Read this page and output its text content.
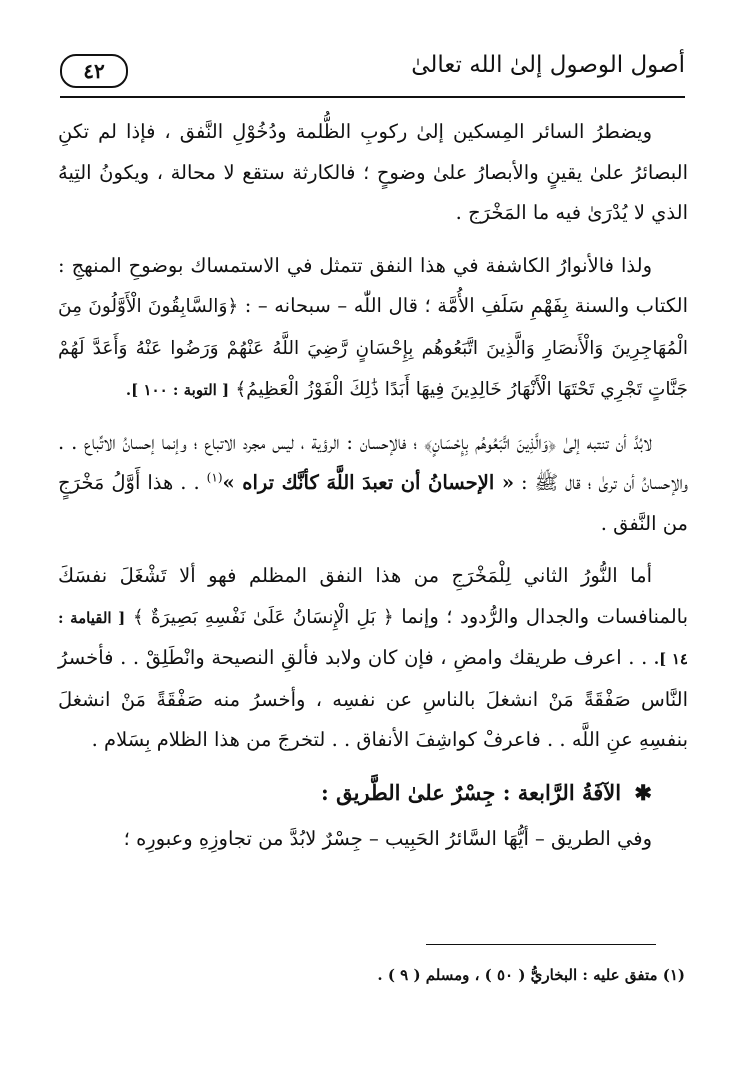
٤٢	أصول الوصول إلىٰ الله تعالىٰ

ويضطرُ السائر المِسكين إلىٰ ركوبِ الظُّلمة ودُخُوْلِ النَّفق ، فإذا لم تكنِ البصائرُ علىٰ يقينٍ والأبصارُ علىٰ وضوحٍ ؛ فالكارثة ستقع لا محالة ، ويكونُ التِيهُ الذي لا يُدْرَىٰ فيه ما المَخْرَج .

ولذا فالأنوارُ الكاشفة في هذا النفق تتمثل في الاستمساك بوضوحِ المنهجِ : الكتاب والسنة بِفَهْمِ سَلَفِ الأُمَّة ؛ قال اللّٰه – سبحانه – : ﴿وَالسَّابِقُونَ الْأَوَّلُونَ مِنَ الْمُهَاجِرِينَ وَالْأَنصَارِ وَالَّذِينَ اتَّبَعُوهُم بِإِحْسَانٍ رَّضِيَ اللَّهُ عَنْهُمْ وَرَضُوا عَنْهُ وَأَعَدَّ لَهُمْ جَنَّاتٍ تَجْرِي تَحْتَهَا الْأَنْهَارُ خَالِدِينَ فِيهَا أَبَدًا ذَٰلِكَ الْفَوْزُ الْعَظِيمُ﴾ [ التوبة : ١٠٠ ].

لابُدَّ أن تنتبه إلىٰ ﴿وَالَّذِينَ اتَّبَعُوهُم بِإِحْسَانٍ﴾ ؛ فالإحسان : الرؤية ، ليس مجرد الاتباع ؛ وإنما إحسانُ الاتِّباع . . والإحسانُ أن ترىٰ ؛ قال ﷺ : « الإحسانُ أن تعبدَ اللَّهَ كأنَّك تراه »$^{(١)}$ . . هذا أَوَّلُ مَخْرَجٍ من النَّفق .

أما النُّورُ الثاني لِلْمَخْرَجِ من هذا النفق المظلم فهو ألا تَشْغَلَ نفسَكَ بالمنافسات والجدال والرُّدود ؛ وإنما ﴿ بَلِ الْإِنسَانُ عَلَىٰ نَفْسِهِ بَصِيرَةٌ ﴾ [ القيامة : ١٤ ]. . . اعرف طريقك وامضِ ، فإن كان ولابد فألقِ النصيحة وانْطَلِقْ . . فأخسرُ النَّاس صَفْقَةً مَنْ انشغلَ بالناسِ عن نفسِه ، وأخسرُ منه صَفْقَةً مَنْ انشغلَ بنفسِهِ عنِ اللَّه . . فاعرفْ كواشِفَ الأنفاق . . لتخرجَ من هذا الظلام بِسَلام .

✱ الآفَةُ الرَّابعة : جِسْرٌ علىٰ الطَّريق :

وفي الطريق – أيُّهَا السَّائرُ الحَبِيب – جِسْرٌ لابُدَّ من تجاوزِهِ وعبورِه ؛

(١) متفق عليه : البخاريُّ ( ٥٠ ) ، ومسلم ( ٩ ) .
